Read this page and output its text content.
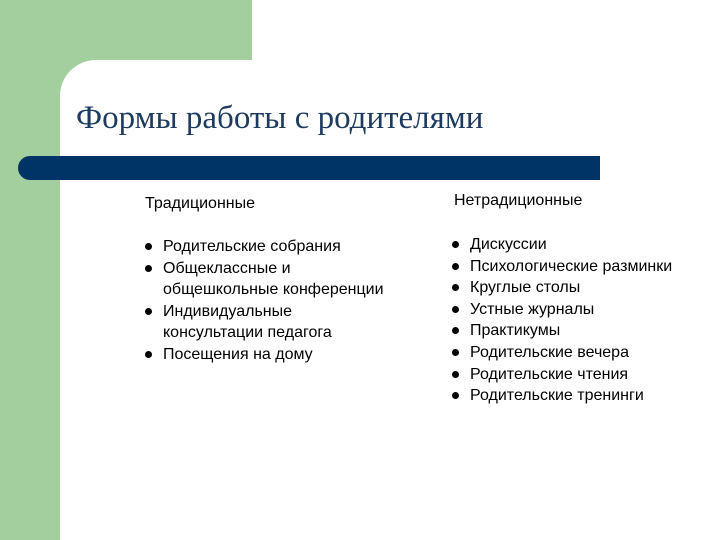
Формы работы с родителями
Традиционные
Родительские собрания
Общеклассные и общешкольные конференции
Индивидуальные консультации педагога
Посещения на дому
Нетрадиционные
Дискуссии
Психологические разминки
Круглые столы
Устные журналы
Практикумы
Родительские вечера
Родительские чтения
Родительские тренинги
